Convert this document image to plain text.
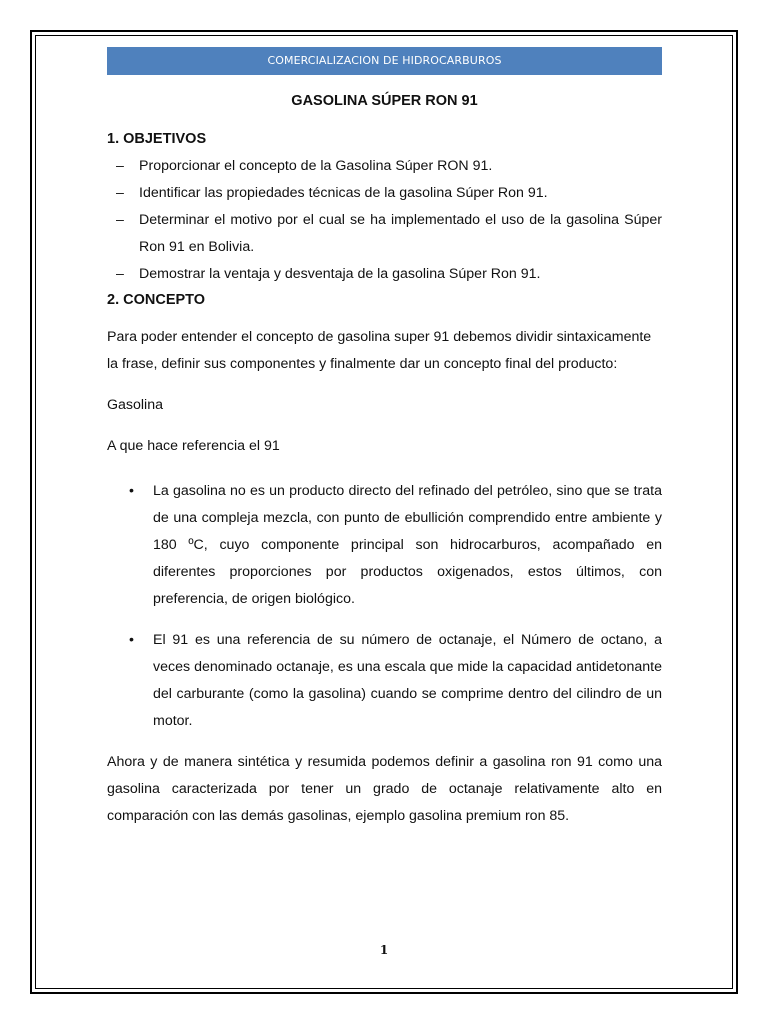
COMERCIALIZACION DE HIDROCARBUROS
GASOLINA SÚPER RON 91
1. OBJETIVOS
– Proporcionar el concepto de la Gasolina Súper RON 91.
– Identificar las propiedades técnicas de la gasolina Súper Ron 91.
– Determinar el motivo por el cual se ha implementado el uso de la gasolina Súper Ron 91 en Bolivia.
– Demostrar la ventaja y desventaja de la gasolina Súper Ron 91.
2. CONCEPTO

Para poder entender el concepto de gasolina super 91 debemos dividir sintaxicamente la frase, definir sus componentes y finalmente dar un concepto final del producto:

Gasolina

A que hace referencia el 91

• La gasolina no es un producto directo del refinado del petróleo, sino que se trata de una compleja mezcla, con punto de ebullición comprendido entre ambiente y 180 ºC, cuyo componente principal son hidrocarburos, acompañado en diferentes proporciones por productos oxigenados, estos últimos, con preferencia, de origen biológico.
• El 91 es una referencia de su número de octanaje, el Número de octano, a veces denominado octanaje, es una escala que mide la capacidad antidetonante del carburante (como la gasolina) cuando se comprime dentro del cilindro de un motor.

Ahora y de manera sintética y resumida podemos definir a gasolina ron 91 como una gasolina caracterizada por tener un grado de octanaje relativamente alto en comparación con las demás gasolinas, ejemplo gasolina premium ron 85.

1
